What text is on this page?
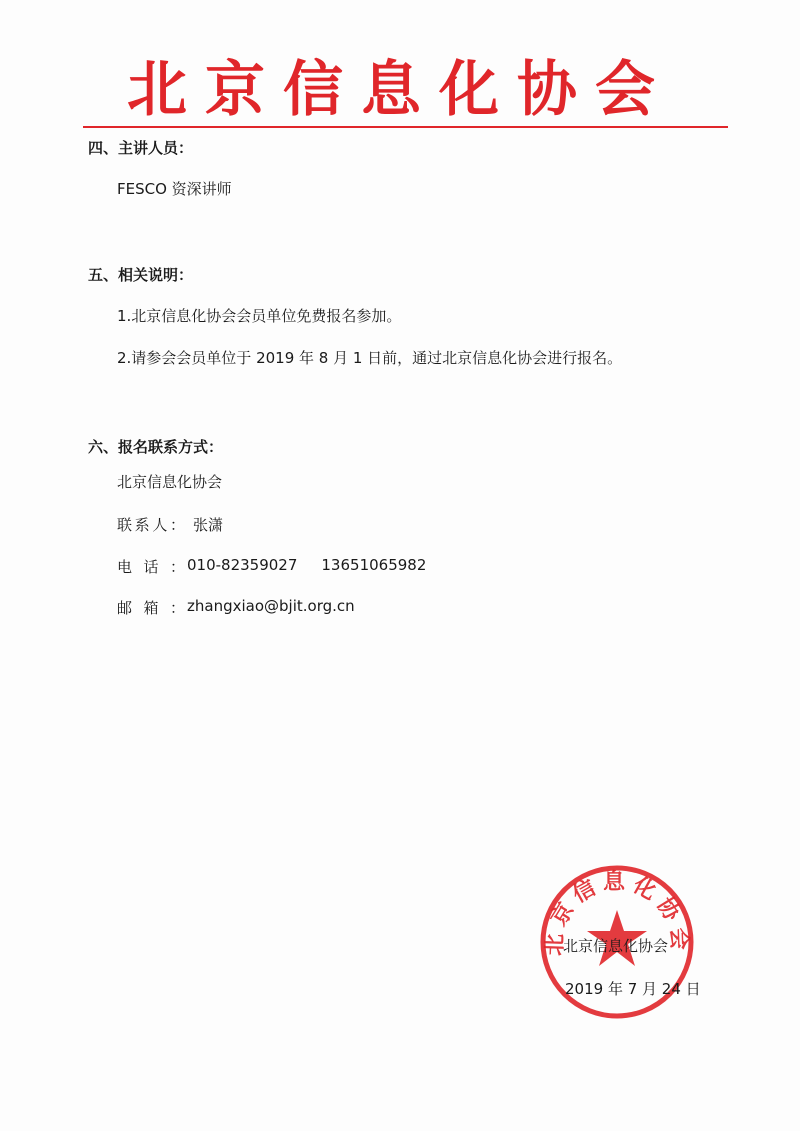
北京信息化协会
四、主讲人员：
FESCO 资深讲师
五、相关说明：
1.北京信息化协会会员单位免费报名参加。
2.请参会会员单位于 2019 年 8 月 1 日前，通过北京信息化协会进行报名。
六、报名联系方式：
北京信息化协会
联 系 人 ： 张潇
电 话 ： 010-82359027 13651065982
邮 箱 ： zhangxiao@bjit.org.cn
北京信息化协会
北京信息化协会
2019 年 7 月 24 日
